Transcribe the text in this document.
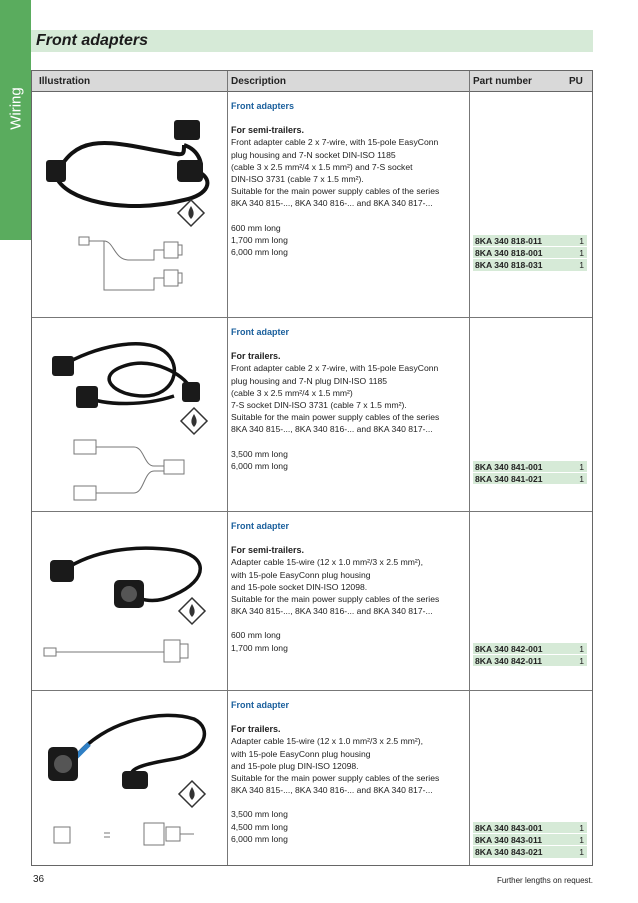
Wiring
Front adapters
Illustration	Description	Part number	PU
Front adapters
For semi-trailers.
Front adapter cable 2 x 7-wire, with 15-pole EasyConn
plug housing and 7-N socket DIN-ISO 1185
(cable 3 x 2.5 mm²/4 x 1.5 mm²) and 7-S socket
DIN-ISO 3731 (cable 7 x 1.5 mm²).
Suitable for the main power supply cables of the series
8KA 340 815-..., 8KA 340 816-... and 8KA 340 817-...
600 mm long
1,700 mm long
6,000 mm long
8KA 340 818-011	1
8KA 340 818-001	1
8KA 340 818-031	1
Front adapter
For trailers.
Front adapter cable 2 x 7-wire, with 15-pole EasyConn
plug housing and 7-N plug DIN-ISO 1185
(cable 3 x 2.5 mm²/4 x 1.5 mm²)
7-S socket DIN-ISO 3731 (cable 7 x 1.5 mm²).
Suitable for the main power supply cables of the series
8KA 340 815-..., 8KA 340 816-... and 8KA 340 817-...
3,500 mm long
6,000 mm long	8KA 340 841-001	1
8KA 340 841-021	1
Front adapter
For semi-trailers.
Adapter cable 15-wire (12 x 1.0 mm²/3 x 2.5 mm²),
with 15-pole EasyConn plug housing
and 15-pole socket DIN-ISO 12098.
Suitable for the main power supply cables of the series
8KA 340 815-..., 8KA 340 816-... and 8KA 340 817-...
600 mm long
1,700 mm long	8KA 340 842-001	1
8KA 340 842-011	1
Front adapter
For trailers.
Adapter cable 15-wire (12 x 1.0 mm²/3 x 2.5 mm²),
with 15-pole EasyConn plug housing
and 15-pole plug DIN-ISO 12098.
Suitable for the main power supply cables of the series
8KA 340 815-..., 8KA 340 816-... and 8KA 340 817-...
3,500 mm long
4,500 mm long
6,000 mm long
8KA 340 843-001	1
8KA 340 843-011	1
8KA 340 843-021	1
36	Further lengths on request.
